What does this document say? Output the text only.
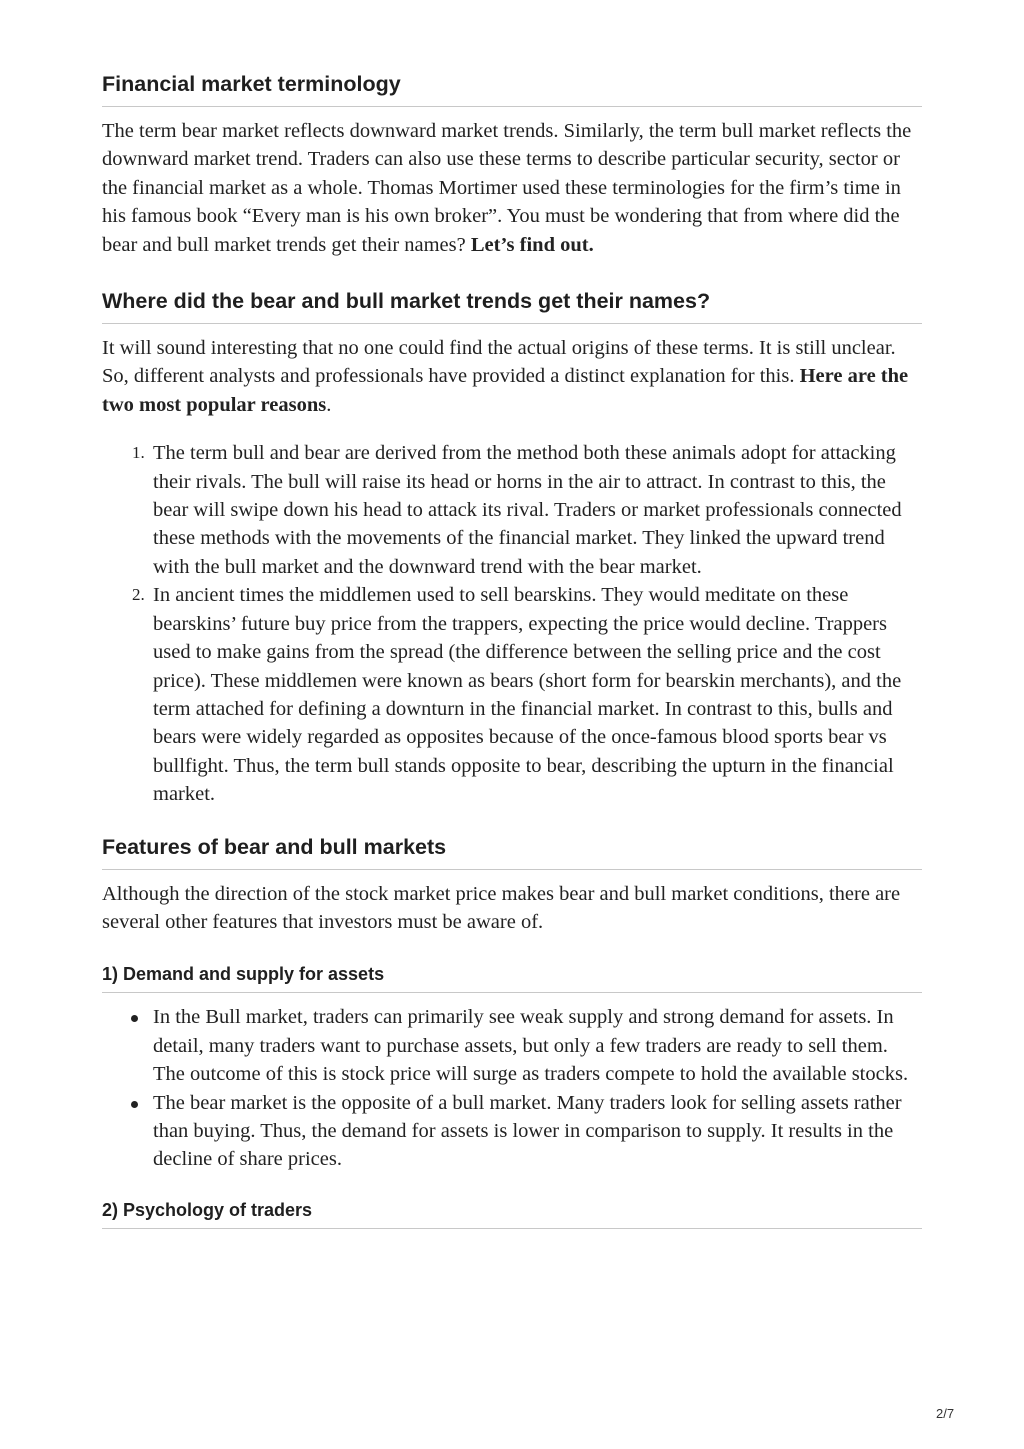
Financial market terminology

The term bear market reflects downward market trends. Similarly, the term bull market reflects the downward market trend. Traders can also use these terms to describe particular security, sector or the financial market as a whole. Thomas Mortimer used these terminologies for the firm’s time in his famous book “Every man is his own broker”. You must be wondering that from where did the bear and bull market trends get their names? Let’s find out.

Where did the bear and bull market trends get their names?

It will sound interesting that no one could find the actual origins of these terms. It is still unclear. So, different analysts and professionals have provided a distinct explanation for this. Here are the two most popular reasons.

1. The term bull and bear are derived from the method both these animals adopt for attacking their rivals. The bull will raise its head or horns in the air to attract. In contrast to this, the bear will swipe down his head to attack its rival. Traders or market professionals connected these methods with the movements of the financial market. They linked the upward trend with the bull market and the downward trend with the bear market.
2. In ancient times the middlemen used to sell bearskins. They would meditate on these bearskins’ future buy price from the trappers, expecting the price would decline. Trappers used to make gains from the spread (the difference between the selling price and the cost price). These middlemen were known as bears (short form for bearskin merchants), and the term attached for defining a downturn in the financial market. In contrast to this, bulls and bears were widely regarded as opposites because of the once-famous blood sports bear vs bullfight. Thus, the term bull stands opposite to bear, describing the upturn in the financial market.
Features of bear and bull markets

Although the direction of the stock market price makes bear and bull market conditions, there are several other features that investors must be aware of.

1) Demand and supply for assets
In the Bull market, traders can primarily see weak supply and strong demand for assets. In detail, many traders want to purchase assets, but only a few traders are ready to sell them. The outcome of this is stock price will surge as traders compete to hold the available stocks.
The bear market is the opposite of a bull market. Many traders look for selling assets rather than buying. Thus, the demand for assets is lower in comparison to supply. It results in the decline of share prices.
2) Psychology of traders
2/7
